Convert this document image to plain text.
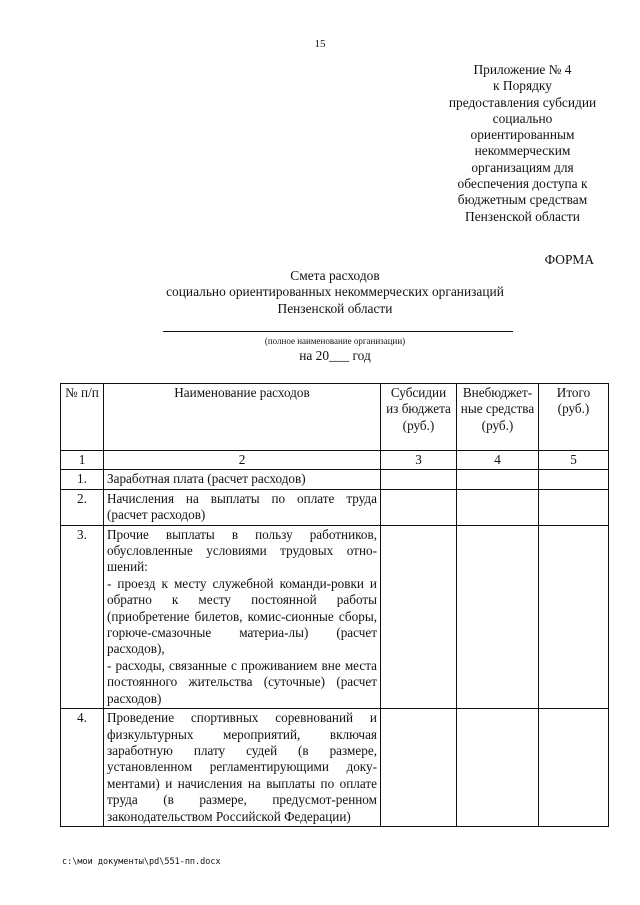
15
Приложение № 4
к Порядку
предоставления субсидии
социально
ориентированным
некоммерческим
организациям для
обеспечения доступа к
бюджетным средствам
Пензенской области
ФОРМА
Смета расходов
социально ориентированных некоммерческих организаций
Пензенской области
(полное наименование организации)
на 20___ год
№ п/п	Наименование расходов	Субсидии из бюджета (руб.)	Внебюджет-ные средства (руб.)	Итого (руб.)
1	2	3	4	5
1.	Заработная плата (расчет расходов)			
2.	Начисления на выплаты по оплате труда (расчет расходов)			
3.	Прочие выплаты в пользу работников, обусловленные условиями трудовых отно-шений:
- проезд к месту служебной команди-ровки и обратно к месту постоянной работы (приобретение билетов, комис-сионные сборы, горюче-смазочные материа-лы) (расчет расходов),
- расходы, связанные с проживанием вне места постоянного жительства (суточные) (расчет расходов)			
4.	Проведение спортивных соревнований и физкультурных мероприятий, включая заработную плату судей (в размере, установленном регламентирующими доку-ментами) и начисления на выплаты по оплате труда (в размере, предусмот-ренном законодательством Российской Федерации)			
c:\мои документы\pd\551-пп.docx
